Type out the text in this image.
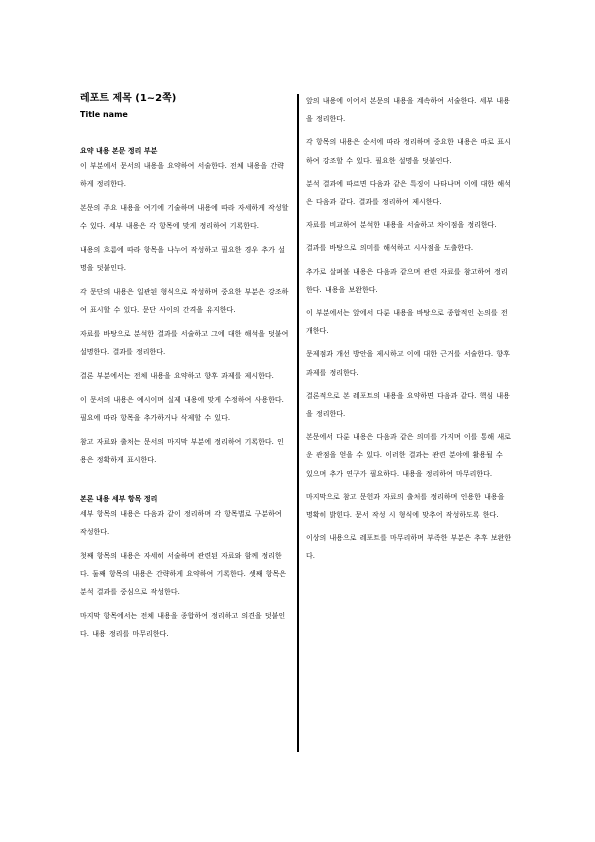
레포트 제목 (1~2쪽)
Title name
요약 내용 본문 정리 부분
이 부분에서 문서의 내용을 요약하여 서술한다. 전체 내용을 간략하게 정리한다.
본문의 주요 내용을 여기에 기술하며 내용에 따라 자세하게 작성할 수 있다. 세부 내용은 각 항목에 맞게 정리하여 기록한다.
내용의 흐름에 따라 항목을 나누어 작성하고 필요한 경우 추가 설명을 덧붙인다.
각 문단의 내용은 일관된 형식으로 작성하며 중요한 부분은 강조하여 표시할 수 있다. 문단 사이의 간격을 유지한다.
자료를 바탕으로 분석한 결과를 서술하고 그에 대한 해석을 덧붙여 설명한다. 결과를 정리한다.
결론 부분에서는 전체 내용을 요약하고 향후 과제를 제시한다.
이 문서의 내용은 예시이며 실제 내용에 맞게 수정하여 사용한다. 필요에 따라 항목을 추가하거나 삭제할 수 있다.
참고 자료와 출처는 문서의 마지막 부분에 정리하여 기록한다. 인용은 정확하게 표시한다.
본론 내용 세부 항목 정리
세부 항목의 내용은 다음과 같이 정리하며 각 항목별로 구분하여 작성한다.
첫째 항목의 내용은 자세히 서술하며 관련된 자료와 함께 정리한다. 둘째 항목의 내용은 간략하게 요약하여 기록한다. 셋째 항목은 분석 결과를 중심으로 작성한다.
마지막 항목에서는 전체 내용을 종합하여 정리하고 의견을 덧붙인다. 내용 정리를 마무리한다.
앞의 내용에 이어서 본문의 내용을 계속하여 서술한다. 세부 내용을 정리한다.
각 항목의 내용은 순서에 따라 정리하며 중요한 내용은 따로 표시하여 강조할 수 있다. 필요한 설명을 덧붙인다.
분석 결과에 따르면 다음과 같은 특징이 나타나며 이에 대한 해석은 다음과 같다. 결과를 정리하여 제시한다.
자료를 비교하여 분석한 내용을 서술하고 차이점을 정리한다.
결과를 바탕으로 의미를 해석하고 시사점을 도출한다.
추가로 살펴볼 내용은 다음과 같으며 관련 자료를 참고하여 정리한다. 내용을 보완한다.
이 부분에서는 앞에서 다룬 내용을 바탕으로 종합적인 논의를 전개한다.
문제점과 개선 방안을 제시하고 이에 대한 근거를 서술한다. 향후 과제를 정리한다.
결론적으로 본 레포트의 내용을 요약하면 다음과 같다. 핵심 내용을 정리한다.
본문에서 다룬 내용은 다음과 같은 의미를 가지며 이를 통해 새로운 관점을 얻을 수 있다. 이러한 결과는 관련 분야에 활용될 수 있으며 추가 연구가 필요하다. 내용을 정리하여 마무리한다.
마지막으로 참고 문헌과 자료의 출처를 정리하며 인용한 내용을 명확히 밝힌다. 문서 작성 시 형식에 맞추어 작성하도록 한다.
이상의 내용으로 레포트를 마무리하며 부족한 부분은 추후 보완한다.
